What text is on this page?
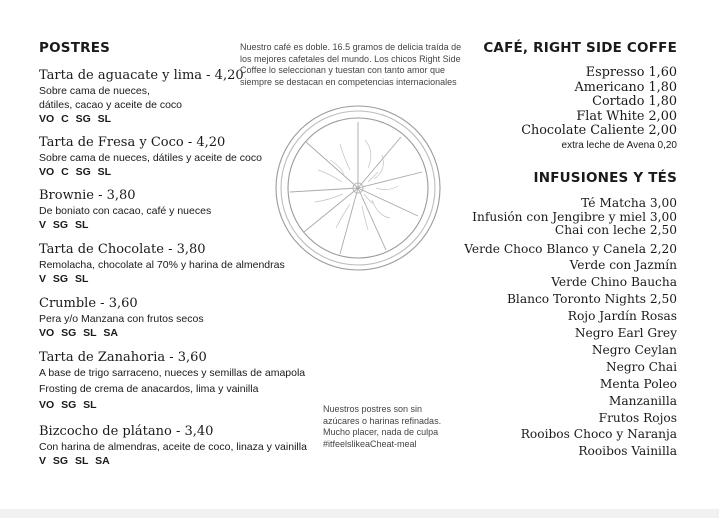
POSTRES
Tarta de aguacate y lima - 4,20
Sobre cama de nueces,
dátiles, cacao y aceite de coco
VO C SG SL
Tarta de Fresa y Coco - 4,20
Sobre cama de nueces, dátiles y aceite de coco
VO C SG SL
Brownie - 3,80
De boniato con cacao, café y nueces
V SG SL
Tarta de Chocolate - 3,80
Remolacha, chocolate al 70% y harina de almendras
V SG SL
Crumble - 3,60
Pera y/o Manzana con frutos secos
VO SG SL SA
Tarta de Zanahoria - 3,60
A base de trigo sarraceno, nueces y semillas de amapola
Frosting de crema de anacardos, lima y vainilla
VO SG SL
Bizcocho de plátano - 3,40
Con harina de almendras, aceite de coco, linaza y vainilla
V SG SL SA
Nuestro café es doble. 16.5 gramos de delicia traída de
los mejores cafetales del mundo. Los chicos Right Side
Coffee lo seleccionan y tuestan con tanto amor que
siempre se destacan en competencias internacionales
Nuestros postres son sin
azúcares o harinas refinadas.
Mucho placer, nada de culpa
#itfeelslikeaCheat-meal
CAFÉ, RIGHT SIDE COFFE
Espresso 1,60
Americano 1,80
Cortado 1,80
Flat White 2,00
Chocolate Caliente 2,00
extra leche de Avena 0,20
INFUSIONES Y TÉS
Té Matcha 3,00
Infusión con Jengibre y miel 3,00
Chai con leche 2,50
Verde Choco Blanco y Canela 2,20
Verde con Jazmín
Verde Chino Baucha
Blanco Toronto Nights 2,50
Rojo Jardín Rosas
Negro Earl Grey
Negro Ceylan
Negro Chai
Menta Poleo
Manzanilla
Frutos Rojos
Rooibos Choco y Naranja
Rooibos Vainilla
